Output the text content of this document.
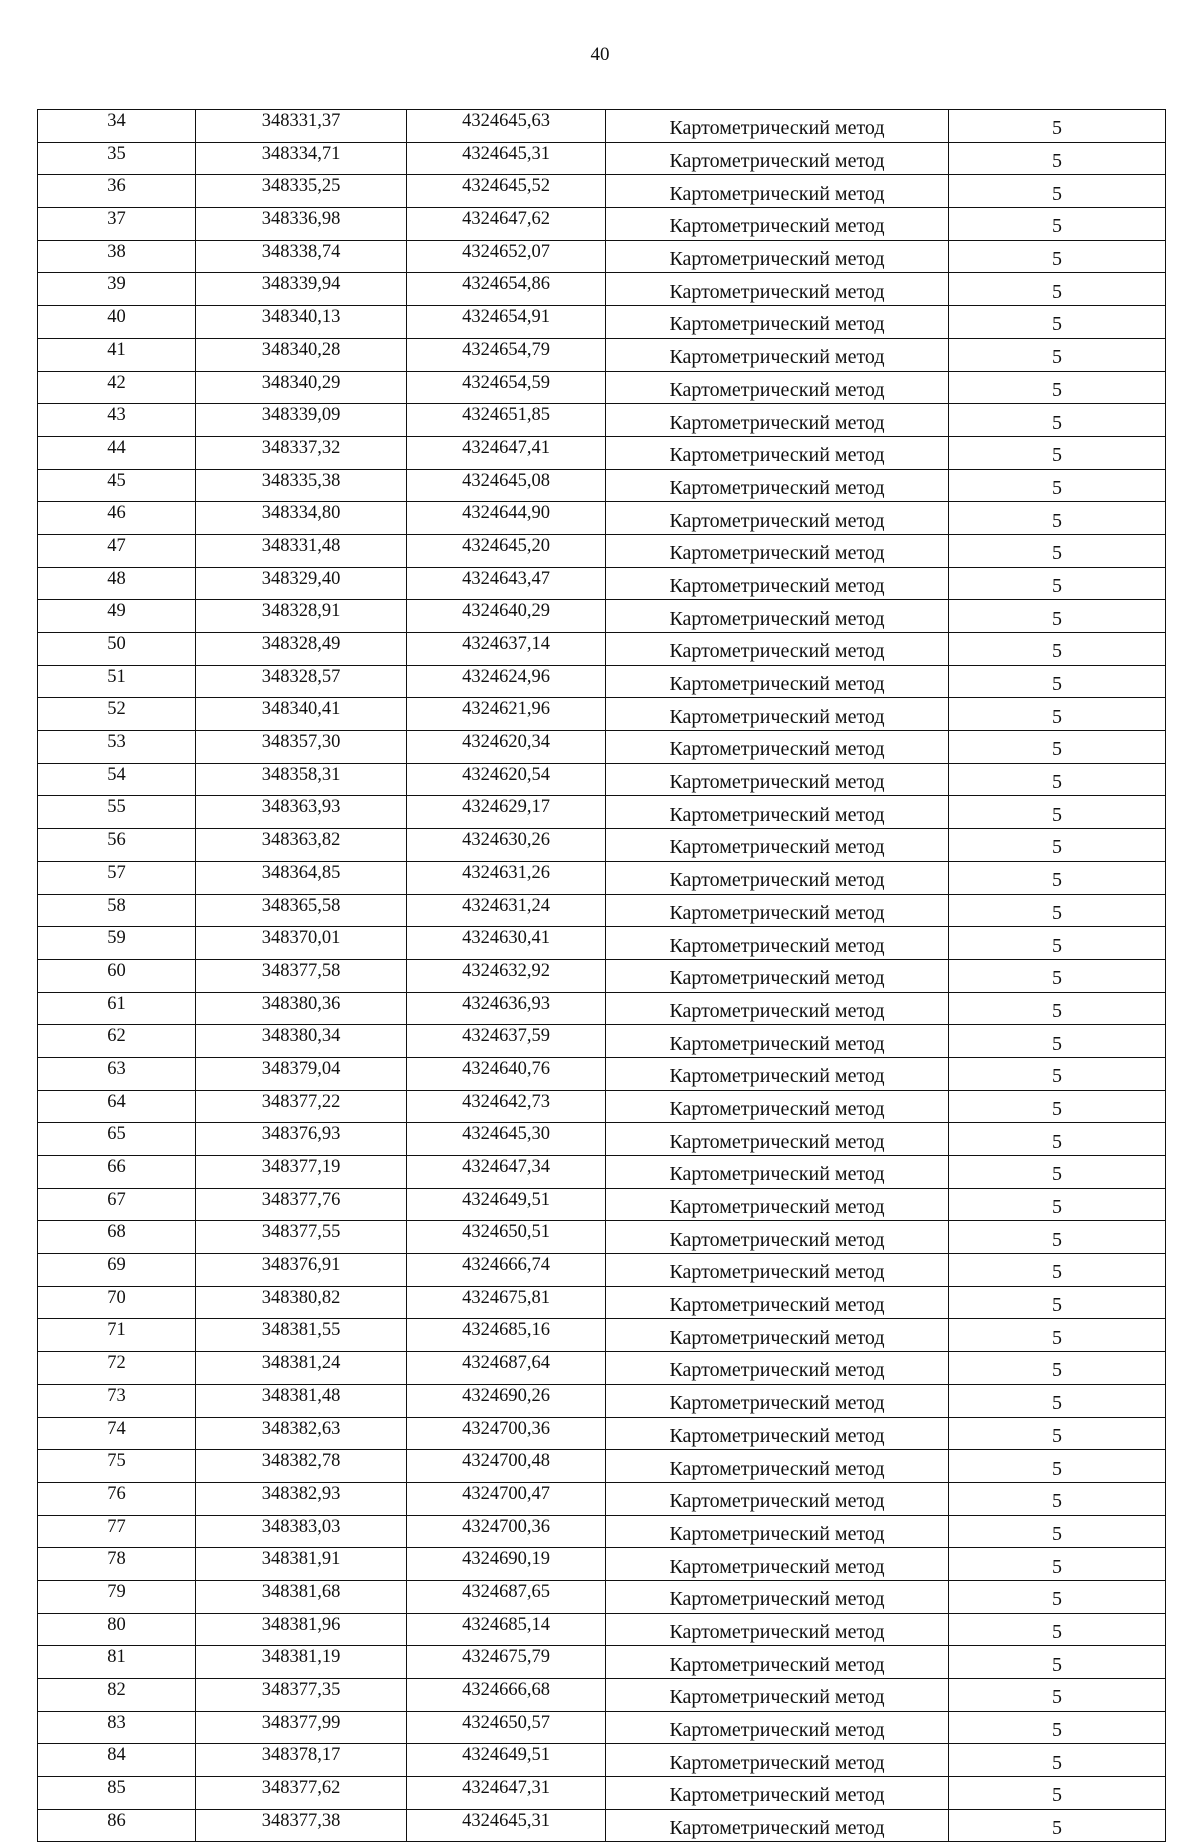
40
34	348331,37	4324645,63	Картометрический метод	5
35	348334,71	4324645,31	Картометрический метод	5
36	348335,25	4324645,52	Картометрический метод	5
37	348336,98	4324647,62	Картометрический метод	5
38	348338,74	4324652,07	Картометрический метод	5
39	348339,94	4324654,86	Картометрический метод	5
40	348340,13	4324654,91	Картометрический метод	5
41	348340,28	4324654,79	Картометрический метод	5
42	348340,29	4324654,59	Картометрический метод	5
43	348339,09	4324651,85	Картометрический метод	5
44	348337,32	4324647,41	Картометрический метод	5
45	348335,38	4324645,08	Картометрический метод	5
46	348334,80	4324644,90	Картометрический метод	5
47	348331,48	4324645,20	Картометрический метод	5
48	348329,40	4324643,47	Картометрический метод	5
49	348328,91	4324640,29	Картометрический метод	5
50	348328,49	4324637,14	Картометрический метод	5
51	348328,57	4324624,96	Картометрический метод	5
52	348340,41	4324621,96	Картометрический метод	5
53	348357,30	4324620,34	Картометрический метод	5
54	348358,31	4324620,54	Картометрический метод	5
55	348363,93	4324629,17	Картометрический метод	5
56	348363,82	4324630,26	Картометрический метод	5
57	348364,85	4324631,26	Картометрический метод	5
58	348365,58	4324631,24	Картометрический метод	5
59	348370,01	4324630,41	Картометрический метод	5
60	348377,58	4324632,92	Картометрический метод	5
61	348380,36	4324636,93	Картометрический метод	5
62	348380,34	4324637,59	Картометрический метод	5
63	348379,04	4324640,76	Картометрический метод	5
64	348377,22	4324642,73	Картометрический метод	5
65	348376,93	4324645,30	Картометрический метод	5
66	348377,19	4324647,34	Картометрический метод	5
67	348377,76	4324649,51	Картометрический метод	5
68	348377,55	4324650,51	Картометрический метод	5
69	348376,91	4324666,74	Картометрический метод	5
70	348380,82	4324675,81	Картометрический метод	5
71	348381,55	4324685,16	Картометрический метод	5
72	348381,24	4324687,64	Картометрический метод	5
73	348381,48	4324690,26	Картометрический метод	5
74	348382,63	4324700,36	Картометрический метод	5
75	348382,78	4324700,48	Картометрический метод	5
76	348382,93	4324700,47	Картометрический метод	5
77	348383,03	4324700,36	Картометрический метод	5
78	348381,91	4324690,19	Картометрический метод	5
79	348381,68	4324687,65	Картометрический метод	5
80	348381,96	4324685,14	Картометрический метод	5
81	348381,19	4324675,79	Картометрический метод	5
82	348377,35	4324666,68	Картометрический метод	5
83	348377,99	4324650,57	Картометрический метод	5
84	348378,17	4324649,51	Картометрический метод	5
85	348377,62	4324647,31	Картометрический метод	5
86	348377,38	4324645,31	Картометрический метод	5
